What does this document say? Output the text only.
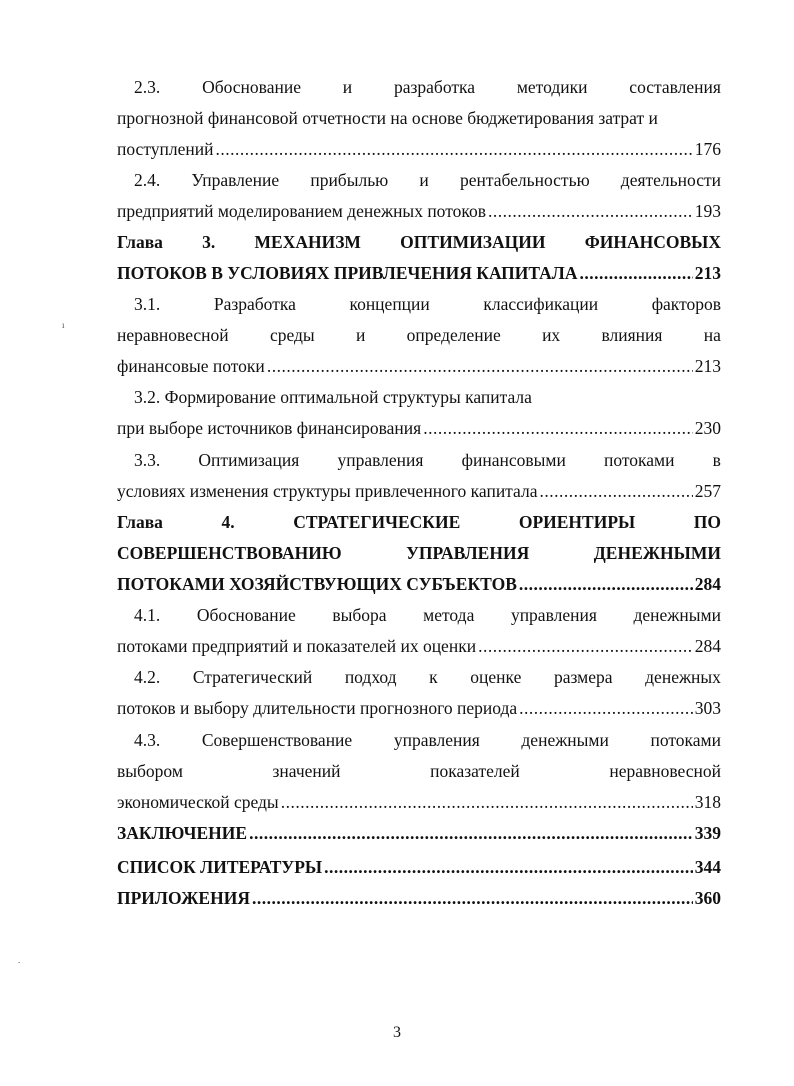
2.3. Обоснование и разработка методики составления
прогнозной финансовой отчетности на основе бюджетирования затрат и
поступлений .....	176
2.4. Управление прибылью и рентабельностью деятельности
предприятий моделированием денежных потоков .....	193
Глава 3. МЕХАНИЗМ ОПТИМИЗАЦИИ ФИНАНСОВЫХ
ПОТОКОВ В УСЛОВИЯХ ПРИВЛЕЧЕНИЯ КАПИТАЛА .....	213
3.1.	Разработка	концепции	классификации	факторов
неравновесной среды и определение их влияния на
финансовые потоки .....	213
3.2. Формирование оптимальной структуры капитала
при выборе источников финансирования .....	230
3.3. Оптимизация управления финансовыми потоками в
условиях изменения структуры привлеченного капитала .....	257
Глава	4.	СТРАТЕГИЧЕСКИЕ	ОРИЕНТИРЫ	ПО
СОВЕРШЕНСТВОВАНИЮ	УПРАВЛЕНИЯ	ДЕНЕЖНЫМИ
ПОТОКАМИ ХОЗЯЙСТВУЮЩИХ СУБЪЕКТОВ .....	284
4.1. Обоснование выбора метода управления денежными
потоками предприятий и показателей их оценки .....	284
4.2. Стратегический подход к оценке размера денежных
потоков и выбору длительности прогнозного периода .....	303
4.3. Совершенствование управления денежными потоками
выбором	значений	показателей	неравновесной
экономической среды .....	318
ЗАКЛЮЧЕНИЕ .....	339
СПИСОК ЛИТЕРАТУРЫ .....	344
ПРИЛОЖЕНИЯ .....	360
ı
.
3
